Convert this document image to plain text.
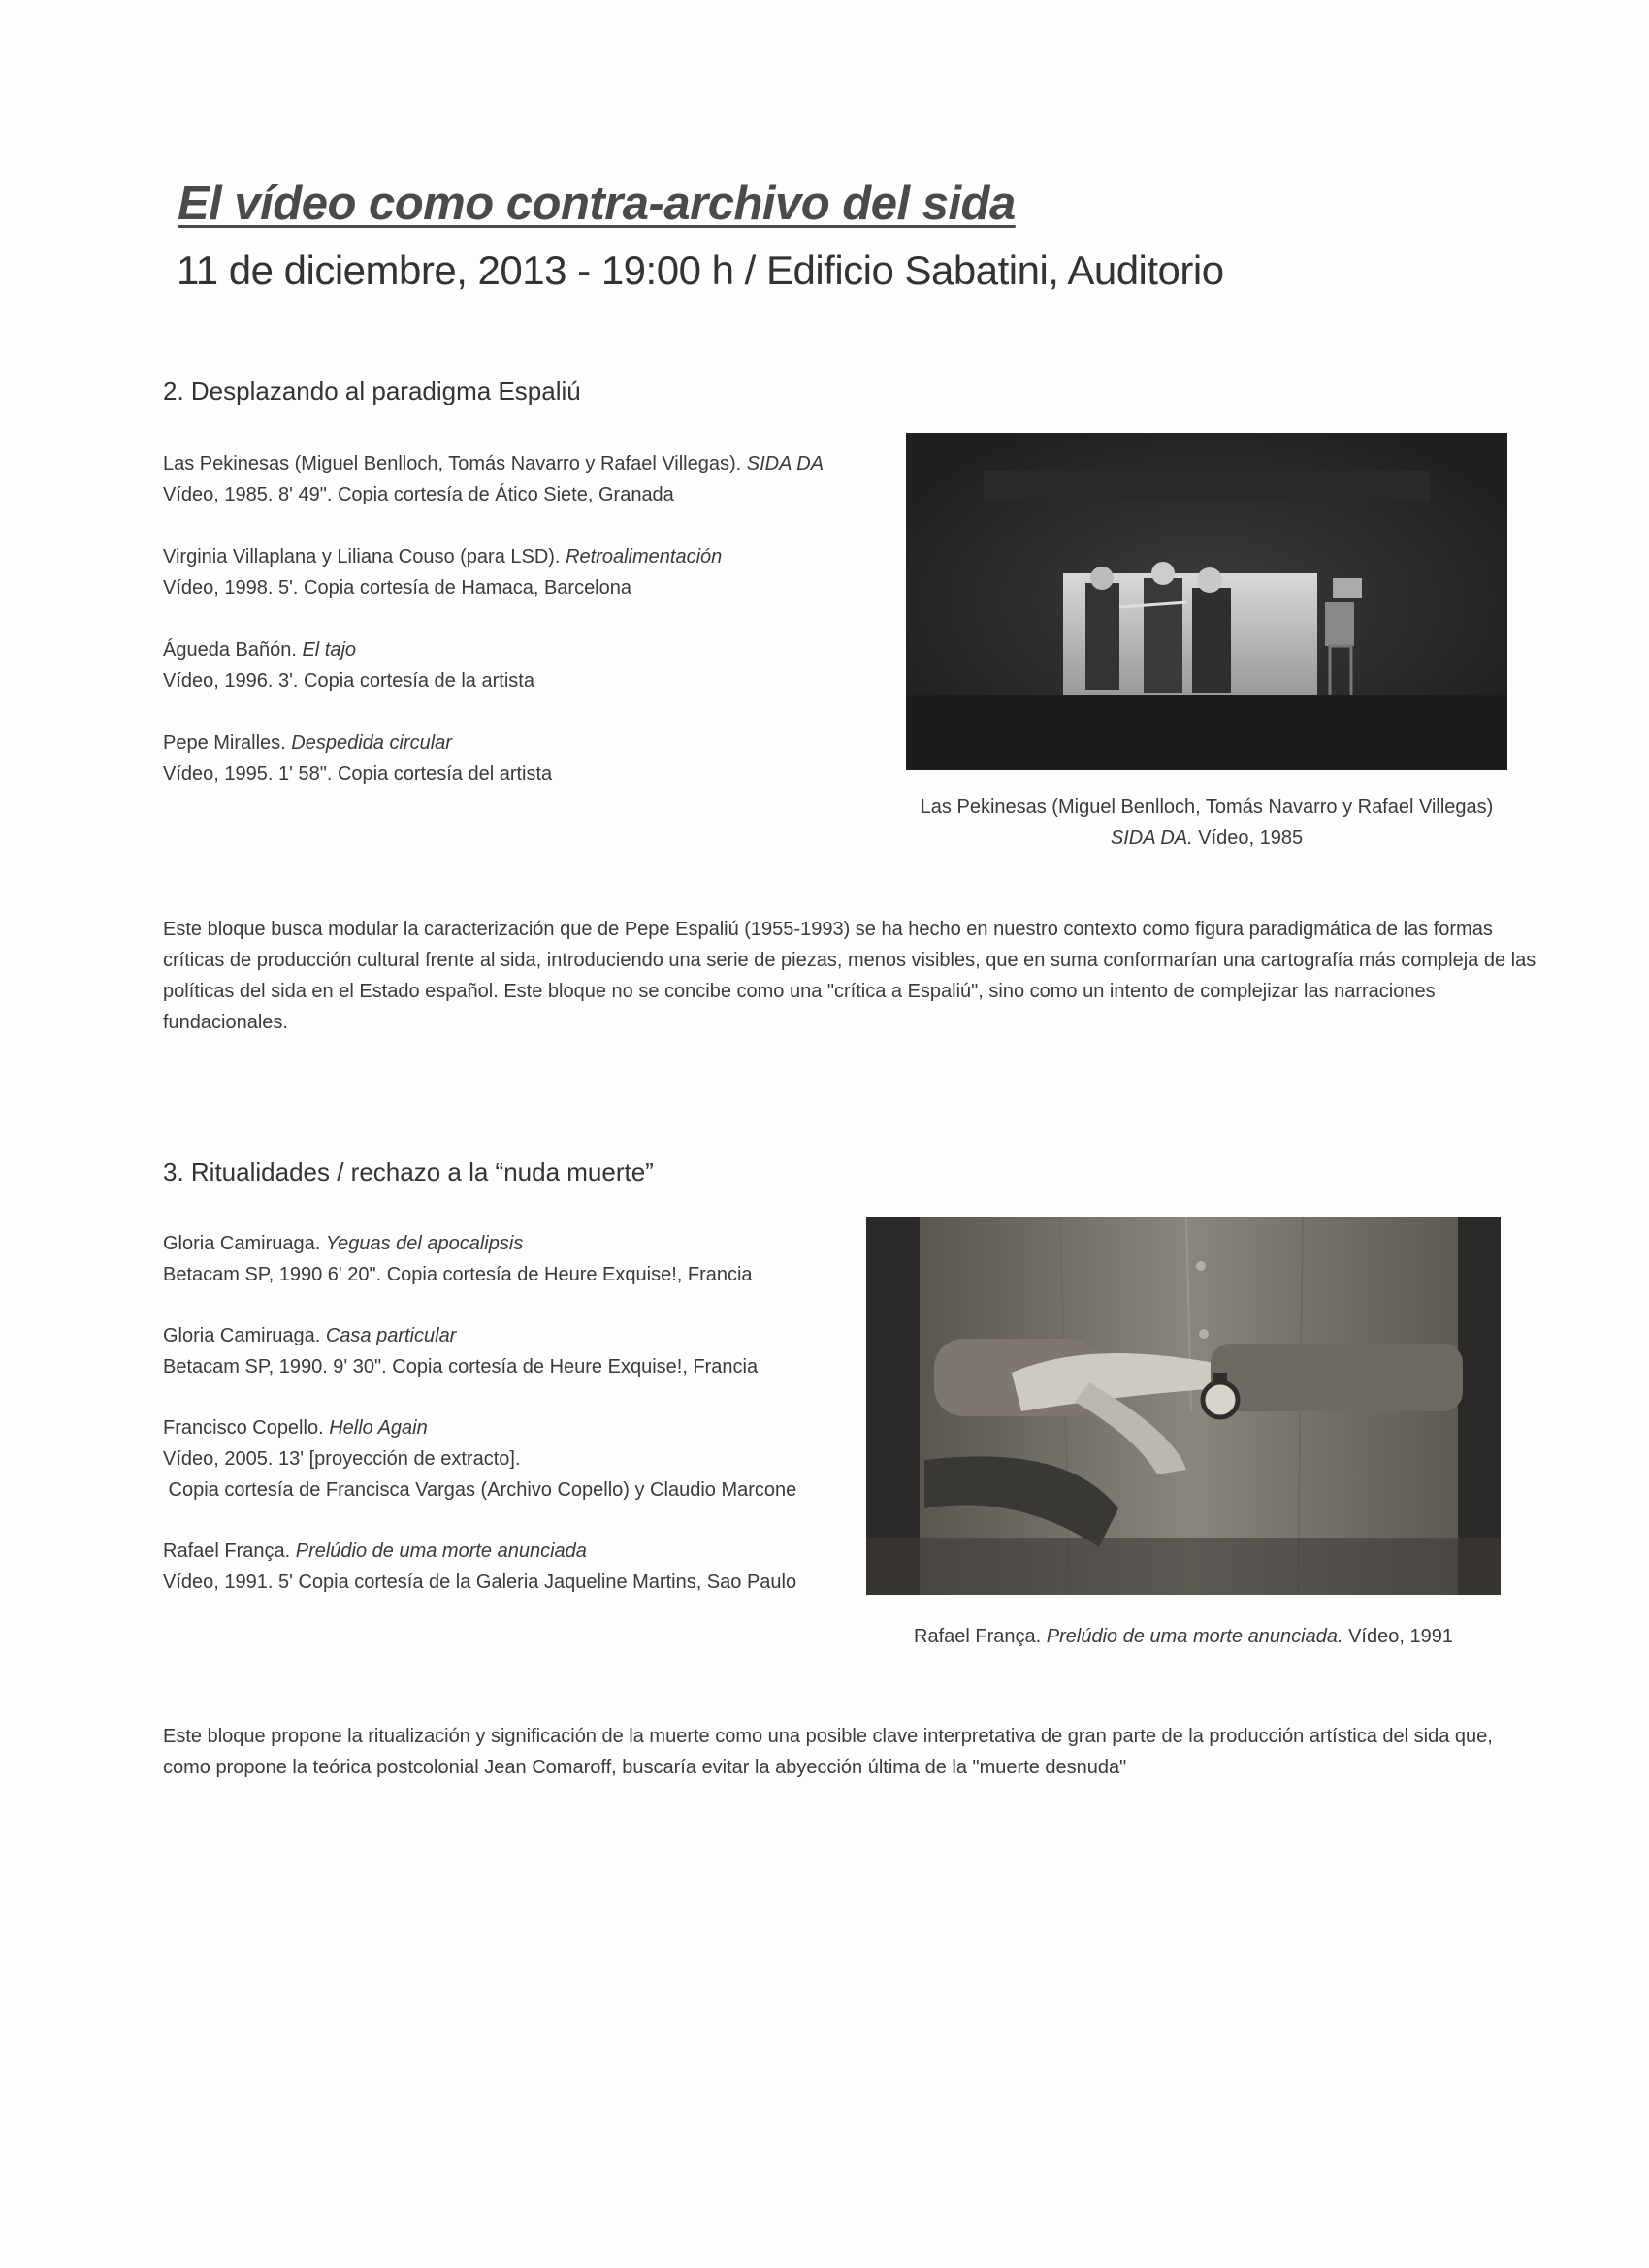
El vídeo como contra-archivo del sida
11 de diciembre, 2013 - 19:00 h / Edificio Sabatini, Auditorio
2. Desplazando al paradigma Espaliú
Las Pekinesas (Miguel Benlloch, Tomás Navarro y Rafael Villegas). SIDA DA
Vídeo, 1985. 8' 49". Copia cortesía de Ático Siete, Granada
Virginia Villaplana y Liliana Couso (para LSD). Retroalimentación
Vídeo, 1998. 5'. Copia cortesía de Hamaca, Barcelona
Águeda Bañón. El tajo
Vídeo, 1996. 3'. Copia cortesía de la artista
Pepe Miralles. Despedida circular
Vídeo, 1995. 1' 58". Copia cortesía del artista
Las Pekinesas (Miguel Benlloch, Tomás Navarro y Rafael Villegas)
SIDA DA. Vídeo, 1985
Este bloque busca modular la caracterización que de Pepe Espaliú (1955-1993) se ha hecho en nuestro contexto como figura paradigmática de las formas críticas de producción cultural frente al sida, introduciendo una serie de piezas, menos visibles, que en suma conformarían una cartografía más compleja de las políticas del sida en el Estado español. Este bloque no se concibe como una "crítica a Espaliú", sino como un intento de complejizar las narraciones fundacionales.
3. Ritualidades / rechazo a la “nuda muerte”
Gloria Camiruaga. Yeguas del apocalipsis
Betacam SP, 1990 6' 20". Copia cortesía de Heure Exquise!, Francia
Gloria Camiruaga. Casa particular
Betacam SP, 1990. 9' 30". Copia cortesía de Heure Exquise!, Francia
Francisco Copello. Hello Again
Vídeo, 2005. 13' [proyección de extracto].
Copia cortesía de Francisca Vargas (Archivo Copello) y Claudio Marcone
Rafael França. Prelúdio de uma morte anunciada
Vídeo, 1991. 5' Copia cortesía de la Galeria Jaqueline Martins, Sao Paulo
Rafael França. Prelúdio de uma morte anunciada. Vídeo, 1991
Este bloque propone la ritualización y significación de la muerte como una posible clave interpretativa de gran parte de la producción artística del sida que, como propone la teórica postcolonial Jean Comaroff, buscaría evitar la abyección última de la "muerte desnuda"
